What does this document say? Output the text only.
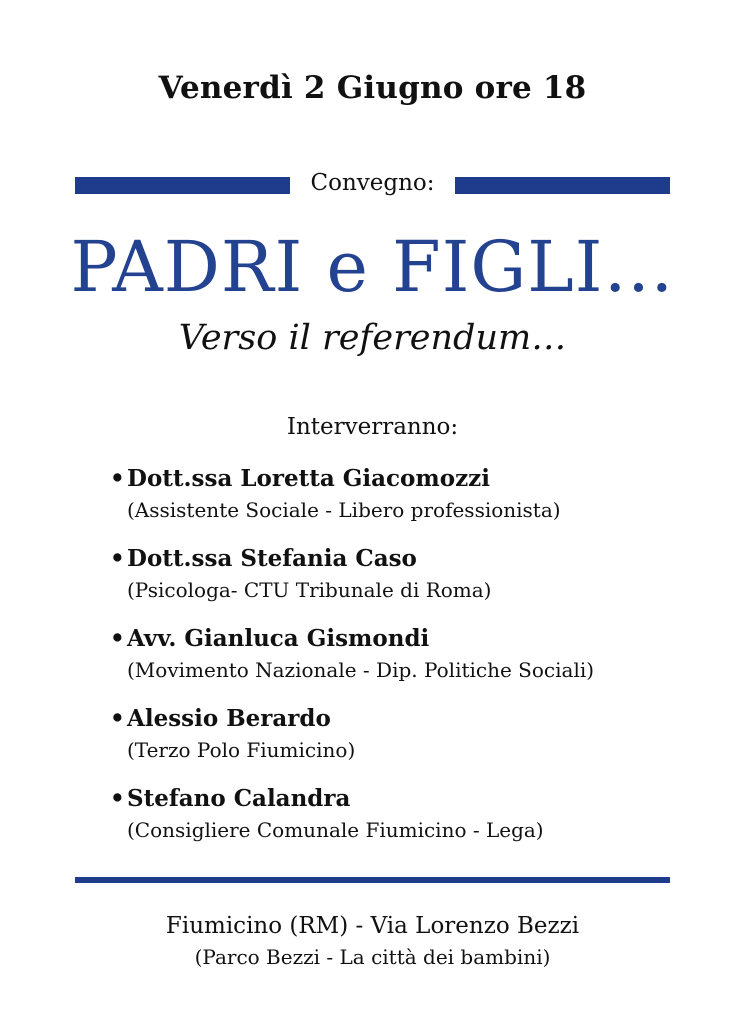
Venerdì 2 Giugno ore 18
Convegno:
PADRI e FIGLI…
Verso il referendum…
Interverranno:
•Dott.ssa Loretta Giacomozzi
(Assistente Sociale - Libero professionista)
•Dott.ssa Stefania Caso
(Psicologa- CTU Tribunale di Roma)
•Avv. Gianluca Gismondi
(Movimento Nazionale - Dip. Politiche Sociali)
•Alessio Berardo
(Terzo Polo Fiumicino)
•Stefano Calandra
(Consigliere Comunale Fiumicino - Lega)
Fiumicino (RM) - Via Lorenzo Bezzi
(Parco Bezzi - La città dei bambini)
